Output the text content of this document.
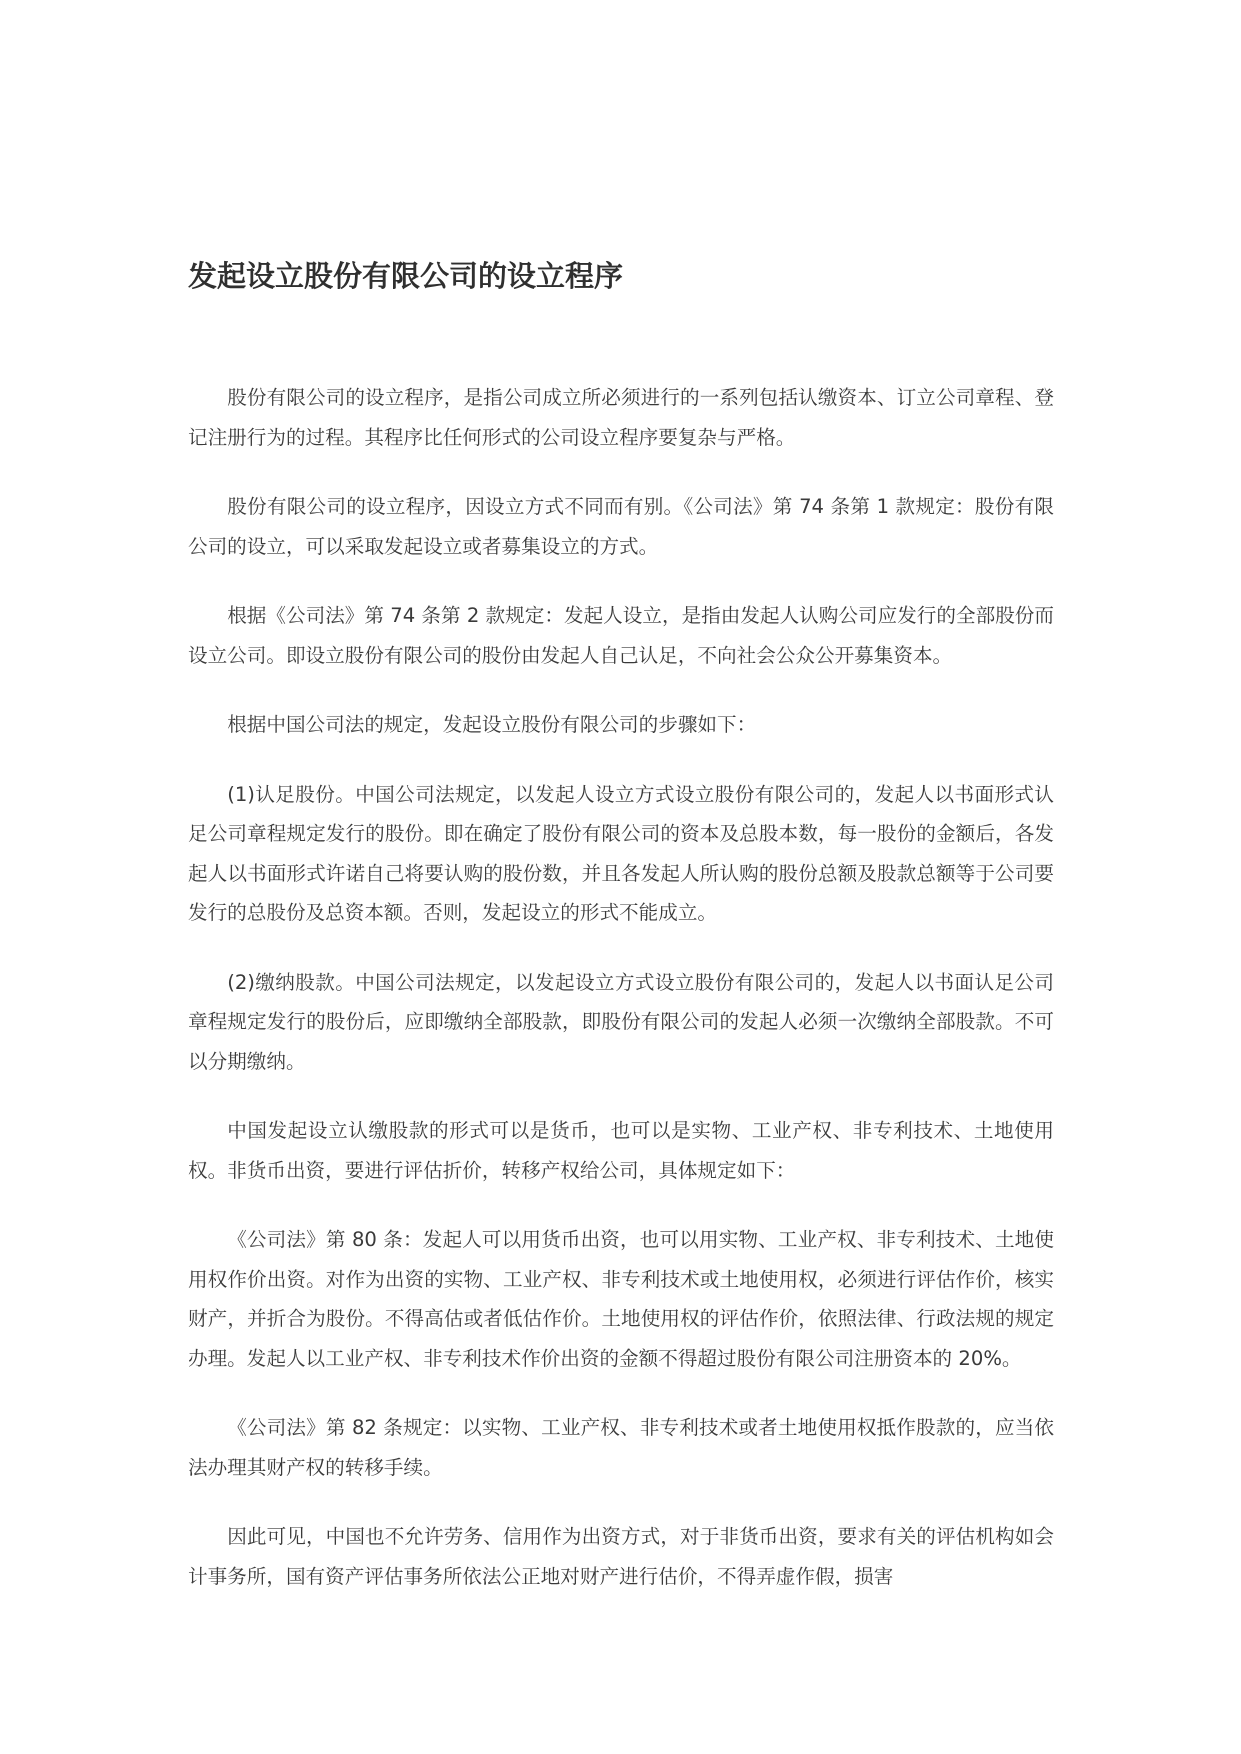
发起设立股份有限公司的设立程序

股份有限公司的设立程序，是指公司成立所必须进行的一系列包括认缴资本、订立公司章程、登记注册行为的过程。其程序比任何形式的公司设立程序要复杂与严格。

股份有限公司的设立程序，因设立方式不同而有别。《公司法》第 74 条第 1 款规定：股份有限公司的设立，可以采取发起设立或者募集设立的方式。

根据《公司法》第 74 条第 2 款规定：发起人设立，是指由发起人认购公司应发行的全部股份而设立公司。即设立股份有限公司的股份由发起人自己认足，不向社会公众公开募集资本。

根据中国公司法的规定，发起设立股份有限公司的步骤如下：

(1)认足股份。中国公司法规定，以发起人设立方式设立股份有限公司的，发起人以书面形式认足公司章程规定发行的股份。即在确定了股份有限公司的资本及总股本数，每一股份的金额后，各发起人以书面形式许诺自己将要认购的股份数，并且各发起人所认购的股份总额及股款总额等于公司要发行的总股份及总资本额。否则，发起设立的形式不能成立。

(2)缴纳股款。中国公司法规定，以发起设立方式设立股份有限公司的，发起人以书面认足公司章程规定发行的股份后，应即缴纳全部股款，即股份有限公司的发起人必须一次缴纳全部股款。不可以分期缴纳。

中国发起设立认缴股款的形式可以是货币，也可以是实物、工业产权、非专利技术、土地使用权。非货币出资，要进行评估折价，转移产权给公司，具体规定如下：

《公司法》第 80 条：发起人可以用货币出资，也可以用实物、工业产权、非专利技术、土地使用权作价出资。对作为出资的实物、工业产权、非专利技术或土地使用权，必须进行评估作价，核实财产，并折合为股份。不得高估或者低估作价。土地使用权的评估作价，依照法律、行政法规的规定办理。发起人以工业产权、非专利技术作价出资的金额不得超过股份有限公司注册资本的 20%。

《公司法》第 82 条规定：以实物、工业产权、非专利技术或者土地使用权抵作股款的，应当依法办理其财产权的转移手续。

因此可见，中国也不允许劳务、信用作为出资方式，对于非货币出资，要求有关的评估机构如会计事务所，国有资产评估事务所依法公正地对财产进行估价，不得弄虚作假，损害
